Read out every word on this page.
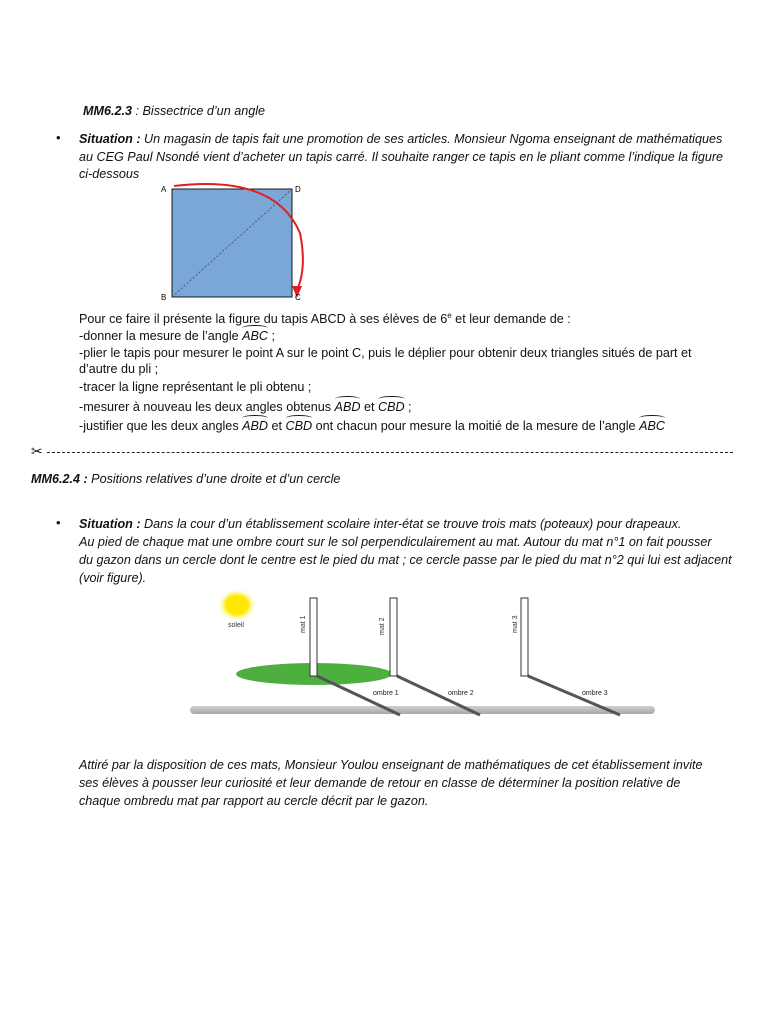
MM6.2.3 : Bissectrice d’un angle
• Situation : Un magasin de tapis fait une promotion de ses articles. Monsieur Ngoma enseignant de mathématiques
au CEG Paul Nsondé vient d’acheter un tapis carré. Il souhaite ranger ce tapis en le pliant comme l’indique la figure
ci-dessous
A	D
B	C
Pour ce faire il présente la figure du tapis ABCD à ses élèves de 6e et leur demande de :
-donner la mesure de l’angle ABC ;
-plier le tapis pour mesurer le point A sur le point C, puis le déplier pour obtenir deux triangles situés de part et
d’autre du pli ;
-tracer la ligne représentant le pli obtenu ;
-mesurer à nouveau les deux angles obtenus ABD et CBD ;
-justifier que les deux angles ABD et CBD ont chacun pour mesure la moitié de la mesure de l’angle ABC
✂
MM6.2.4 : Positions relatives d’une droite et d’un cercle
• Situation : Dans la cour d’un établissement scolaire inter-état se trouve trois mats (poteaux) pour drapeaux.
Au pied de chaque mat une ombre court sur le sol perpendiculairement au mat. Autour du mat n°1 on fait pousser
du gazon dans un cercle dont le centre est le pied du mat ; ce cercle passe par le pied du mat n°2 qui lui est adjacent
(voir figure).
soleil	mat 1
ombre 1
mat 2
ombre 2
mat 3
ombre 3
Attiré par la disposition de ces mats, Monsieur Youlou enseignant de mathématiques de cet établissement invite
ses élèves à pousser leur curiosité et leur demande de retour en classe de déterminer la position relative de
chaque ombredu mat par rapport au cercle décrit par le gazon.
